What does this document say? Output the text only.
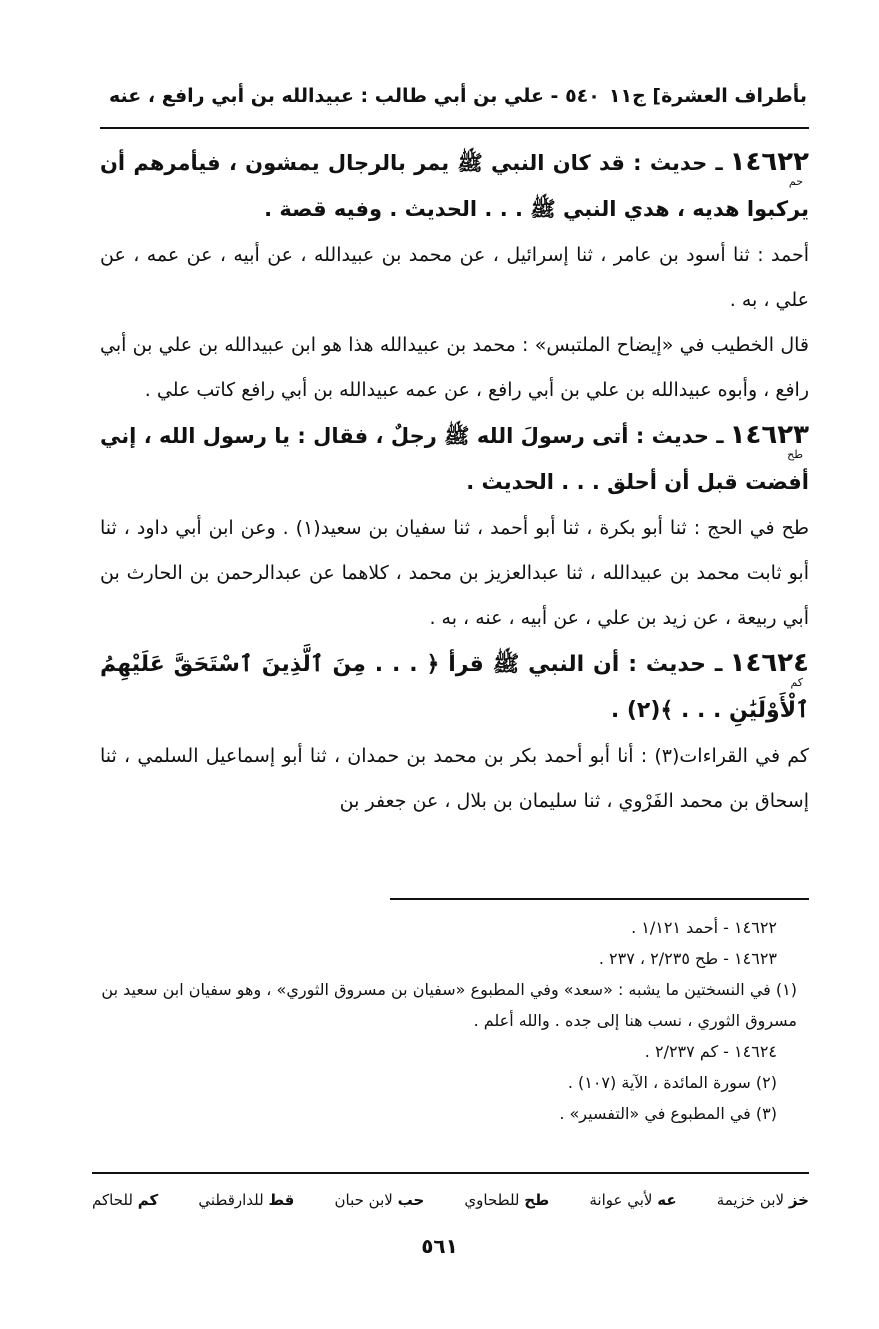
بأطراف العشرة] ج١١
٥٤٠ - علي بن أبي طالب : عبيدالله بن أبي رافع ، عنه

١٤٦٢٢ ـ حديث : قد كان النبي ﷺ يمر بالرجال يمشون ، فيأمرهم أن يركبوا هديه ، هدي النبي ﷺ . . . الحديث . وفيه قصة .

حم

أحمد : ثنا أسود بن عامر ، ثنا إسرائيل ، عن محمد بن عبيدالله ، عن أبيه ، عن عمه ، عن علي ، به .

قال الخطيب في «إيضاح الملتبس» : محمد بن عبيدالله هذا هو ابن عبيدالله بن علي بن أبي رافع ، وأبوه عبيدالله بن علي بن أبي رافع ، عن عمه عبيدالله بن أبي رافع كاتب علي .

١٤٦٢٣ ـ حديث : أتى رسولَ الله ﷺ رجلٌ ، فقال : يا رسول الله ، إني أفضت قبل أن أحلق . . . الحديث .

طح

طح في الحج : ثنا أبو بكرة ، ثنا أبو أحمد ، ثنا سفيان بن سعيد(١) . وعن ابن أبي داود ، ثنا أبو ثابت محمد بن عبيدالله ، ثنا عبدالعزيز بن محمد ، كلاهما عن عبدالرحمن بن الحارث بن أبي ربيعة ، عن زيد بن علي ، عن أبيه ، عنه ، به .

١٤٦٢٤ ـ حديث : أن النبي ﷺ قرأ ﴿ . . . مِنَ ٱلَّذِينَ ٱسْتَحَقَّ عَلَيْهِمُ ٱلْأَوْلَيَٰنِ . . . ﴾(٢) .

كم

كم في القراءات(٣) : أنا أبو أحمد بكر بن محمد بن حمدان ، ثنا أبو إسماعيل السلمي ، ثنا إسحاق بن محمد الفَرْوي ، ثنا سليمان بن بلال ، عن جعفر بن

١٤٦٢٢ - أحمد ١/١٢١ .
١٤٦٢٣ - طح ٢/٢٣٥ ، ٢٣٧ .
(١) في النسختين ما يشبه : «سعد» وفي المطبوع «سفيان بن مسروق الثوري» ، وهو سفيان ابن سعيد بن مسروق الثوري ، نسب هنا إلى جده . والله أعلم .
١٤٦٢٤ - كم ٢/٢٣٧ .
(٢) سورة المائدة ، الآية (١٠٧) .
(٣) في المطبوع في «التفسير» .
خز لابن خزيمة
عه لأبي عوانة
طح للطحاوي
حب لابن حبان
قط للدارقطني
كم للحاكم
٥٦١
